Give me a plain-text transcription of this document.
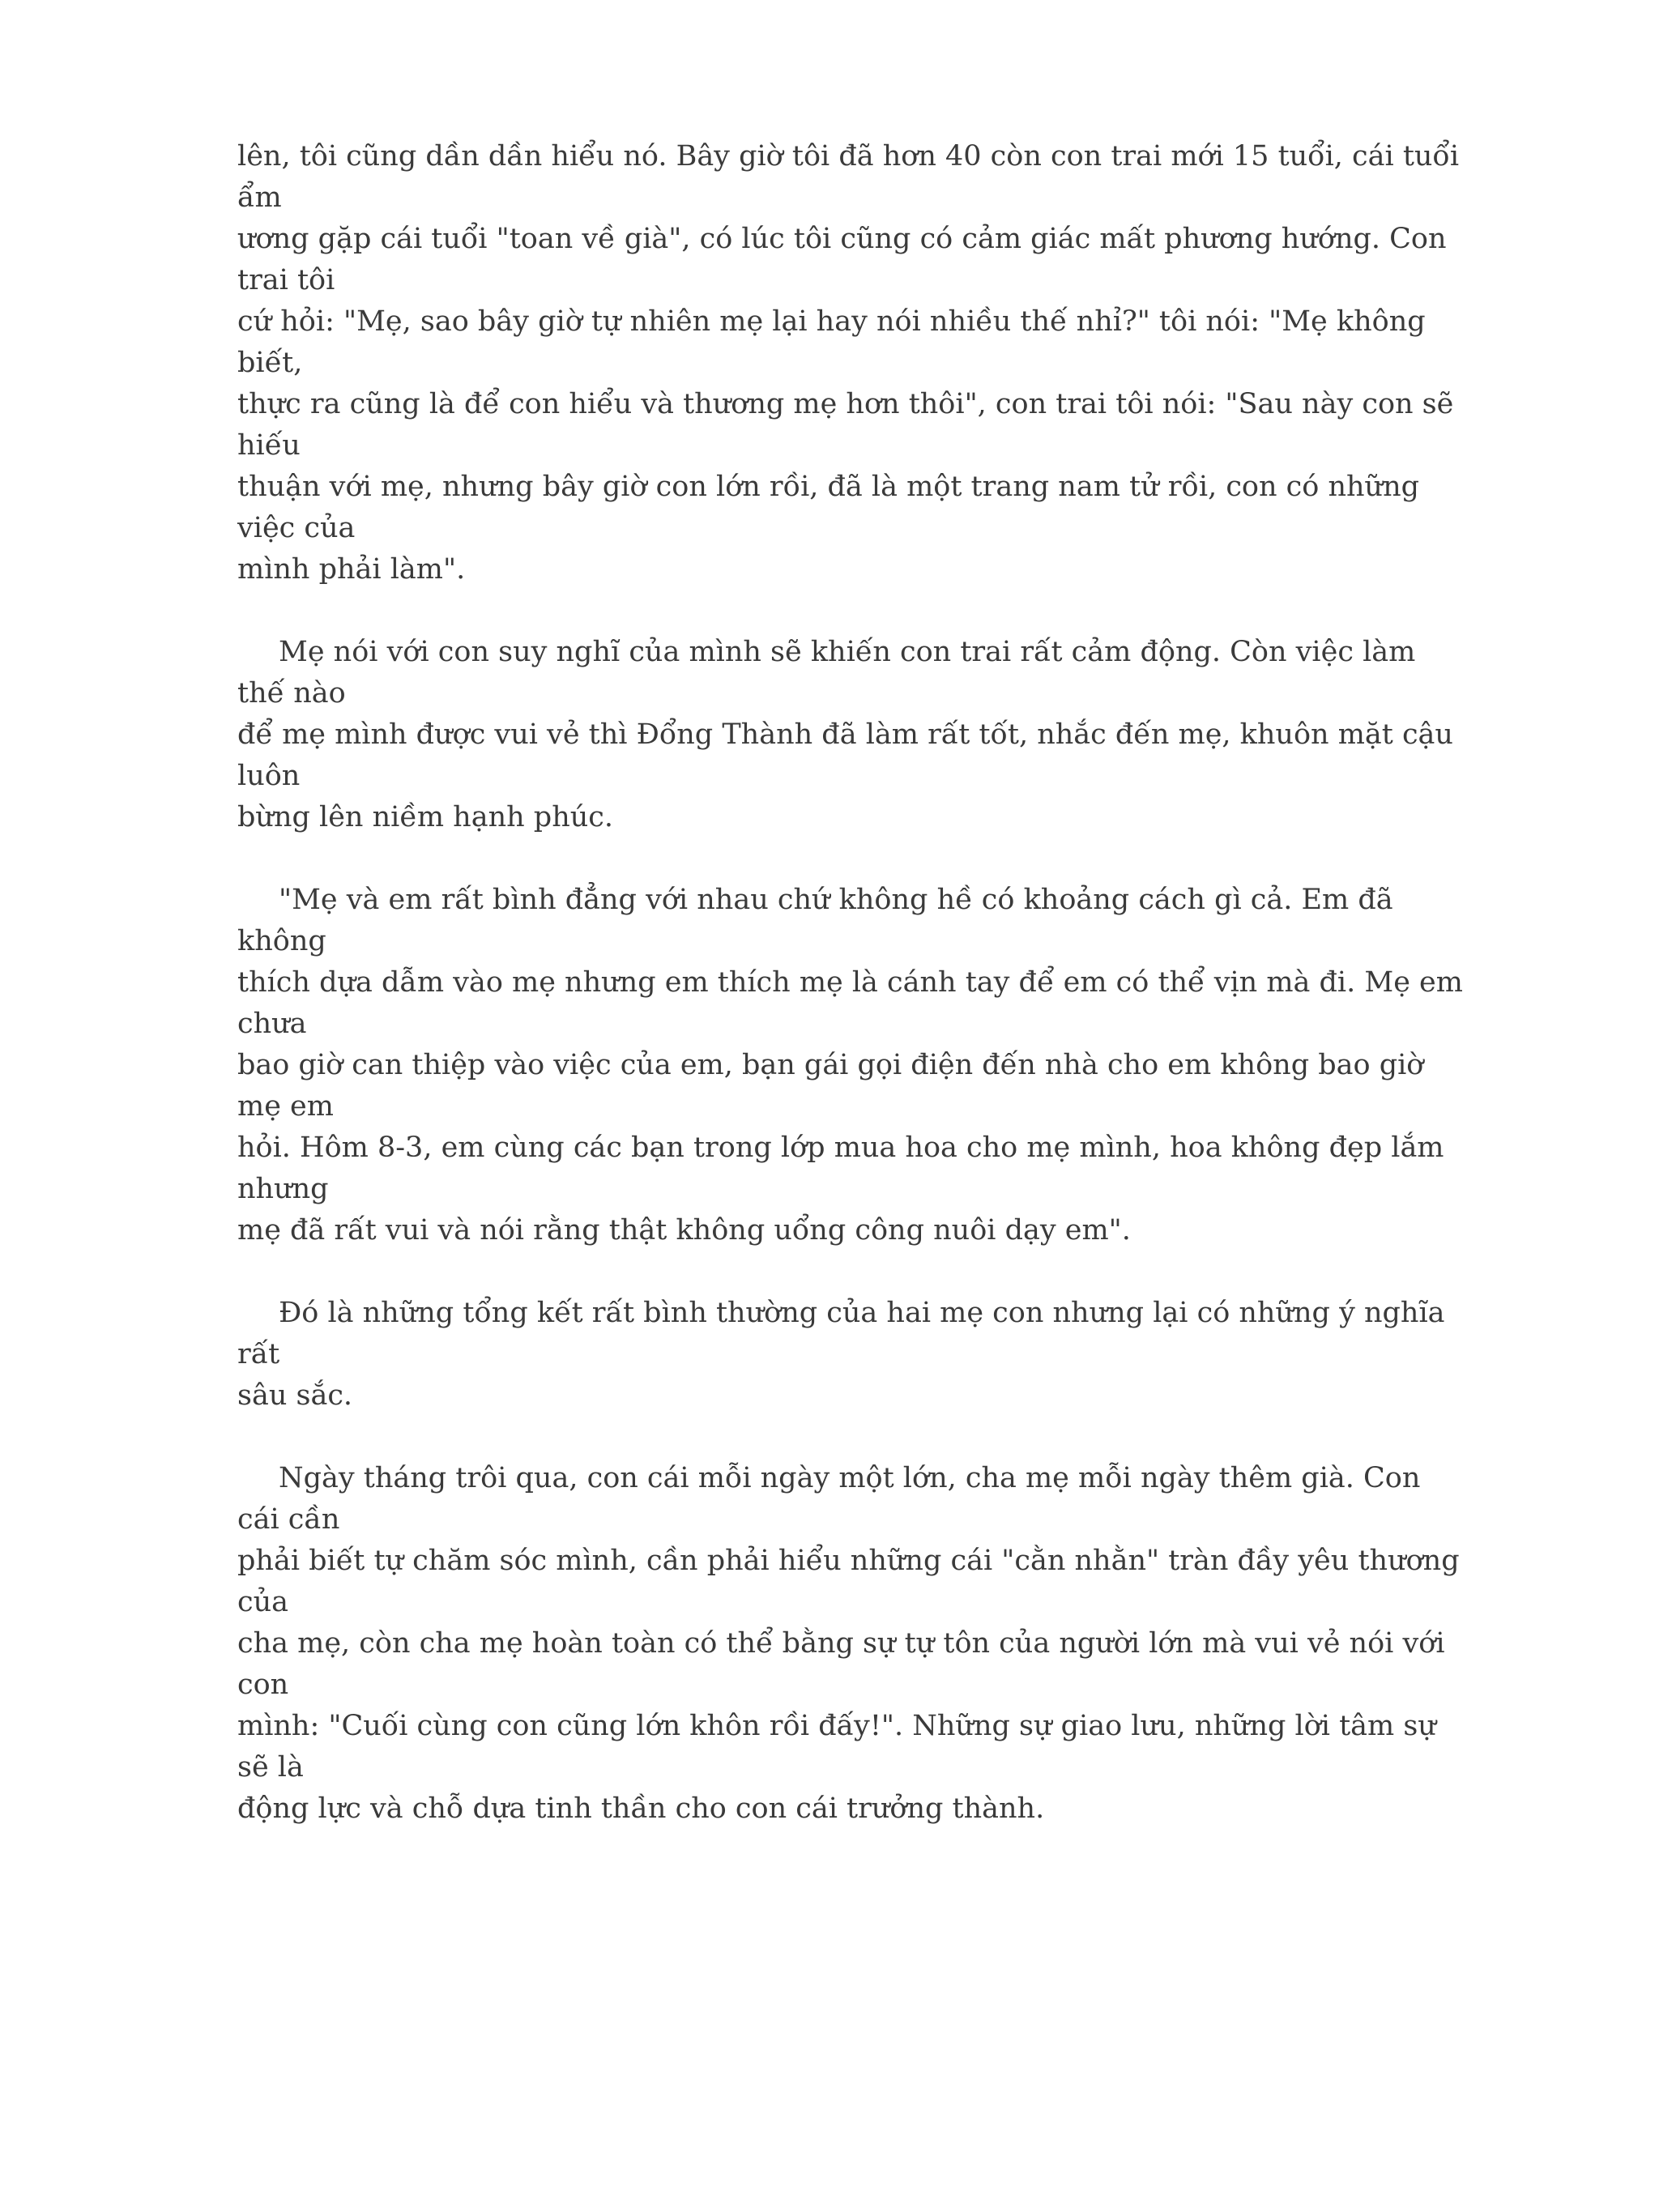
lên, tôi cũng dần dần hiểu nó. Bây giờ tôi đã hơn 40 còn con trai mới 15 tuổi, cái tuổi ẩm
ương gặp cái tuổi "toan về già", có lúc tôi cũng có cảm giác mất phương hướng. Con trai tôi
cứ hỏi: "Mẹ, sao bây giờ tự nhiên mẹ lại hay nói nhiều thế nhỉ?" tôi nói: "Mẹ không biết,
thực ra cũng là để con hiểu và thương mẹ hơn thôi", con trai tôi nói: "Sau này con sẽ hiếu
thuận với mẹ, nhưng bây giờ con lớn rồi, đã là một trang nam tử rồi, con có những việc của
mình phải làm".

Mẹ nói với con suy nghĩ của mình sẽ khiến con trai rất cảm động. Còn việc làm thế nào
để mẹ mình được vui vẻ thì Đổng Thành đã làm rất tốt, nhắc đến mẹ, khuôn mặt cậu luôn
bừng lên niềm hạnh phúc.

"Mẹ và em rất bình đẳng với nhau chứ không hề có khoảng cách gì cả. Em đã không
thích dựa dẫm vào mẹ nhưng em thích mẹ là cánh tay để em có thể vịn mà đi. Mẹ em chưa
bao giờ can thiệp vào việc của em, bạn gái gọi điện đến nhà cho em không bao giờ mẹ em
hỏi. Hôm 8-3, em cùng các bạn trong lớp mua hoa cho mẹ mình, hoa không đẹp lắm nhưng
mẹ đã rất vui và nói rằng thật không uổng công nuôi dạy em".

Đó là những tổng kết rất bình thường của hai mẹ con nhưng lại có những ý nghĩa rất
sâu sắc.

Ngày tháng trôi qua, con cái mỗi ngày một lớn, cha mẹ mỗi ngày thêm già. Con cái cần
phải biết tự chăm sóc mình, cần phải hiểu những cái "cằn nhằn" tràn đầy yêu thương của
cha mẹ, còn cha mẹ hoàn toàn có thể bằng sự tự tôn của người lớn mà vui vẻ nói với con
mình: "Cuối cùng con cũng lớn khôn rồi đấy!". Những sự giao lưu, những lời tâm sự sẽ là
động lực và chỗ dựa tinh thần cho con cái trưởng thành.
